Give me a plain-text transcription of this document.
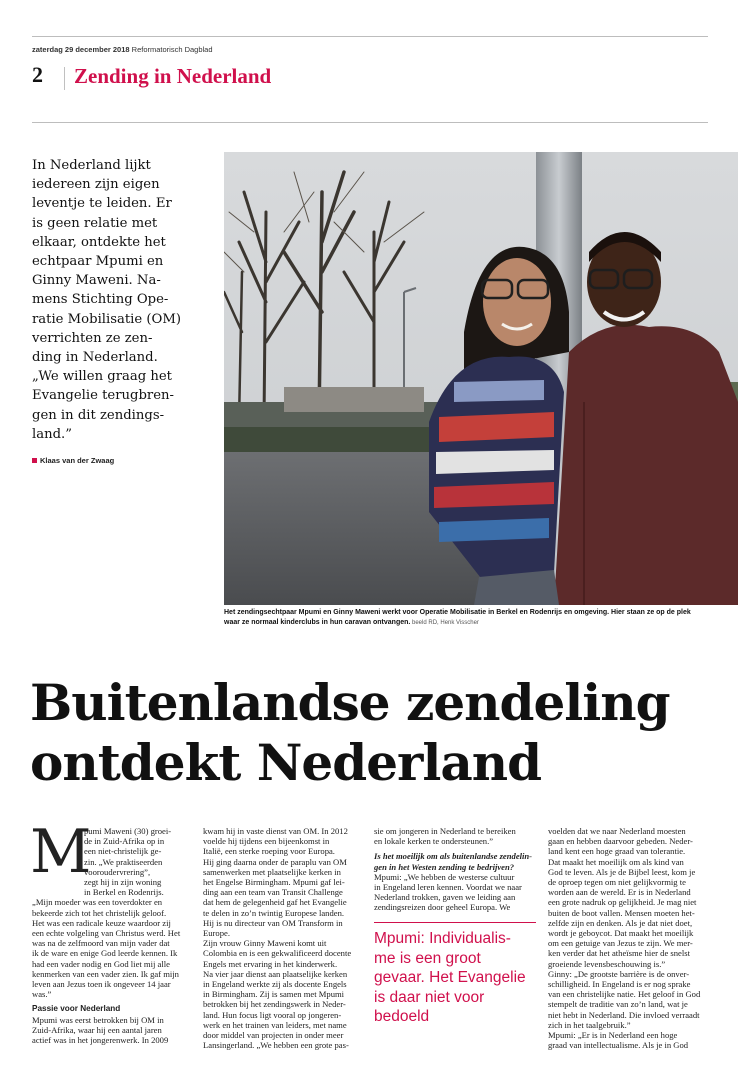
zaterdag 29 december 2018 Reformatorisch Dagblad
2 Zending in Nederland
In Nederland lijkt
iedereen zijn eigen
leventje te leiden. Er
is geen relatie met
elkaar, ontdekte het
echtpaar Mpumi en
Ginny Maweni. Na-
mens Stichting Ope-
ratie Mobilisatie (OM)
verrichten ze zen-
ding in Nederland.
„We willen graag het
Evangelie terugbren-
gen in dit zendings-
land.”
Klaas van der Zwaag
Het zendingsechtpaar Mpumi en Ginny Maweni werkt voor Operatie Mobilisatie in Berkel en Rodenrijs en omgeving. Hier staan ze op de plek
waar ze normaal kinderclubs in hun caravan ontvangen. beeld RD, Henk Visscher
Buitenlandse zendeling
ontdekt Nederland
M
pumi Maweni (30) groei-
de in Zuid-Afrika op in
een niet-christelijk ge-
zin. „We praktiseerden
vooroudervrering”,
zegt hij in zijn woning
in Berkel en Rodenrijs.
„Mijn moeder was een toverdokter en
bekeerde zich tot het christelijk geloof.
Het was een radicale keuze waardoor zij
een echte volgeling van Christus werd. Het
was na de zelfmoord van mijn vader dat
ik de ware en enige God leerde kennen. Ik
had een vader nodig en God liet mij alle
kenmerken van een vader zien. Ik gaf mijn
leven aan Jezus toen ik ongeveer 14 jaar
was.”

Passie voor Nederland
Mpumi was eerst betrokken bij OM in
Zuid-Afrika, waar hij een aantal jaren
actief was in het jongerenwerk. In 2009
kwam hij in vaste dienst van OM. In 2012
voelde hij tijdens een bijeenkomst in
Italië, een sterke roeping voor Europa.
Hij ging daarna onder de paraplu van OM
samenwerken met plaatselijke kerken in
het Engelse Birmingham. Mpumi gaf lei-
ding aan een team van Transit Challenge
dat hem de gelegenheid gaf het Evangelie
te delen in zo’n twintig Europese landen.
Hij is nu directeur van OM Transform in
Europe.
Zijn vrouw Ginny Maweni komt uit
Colombia en is een gekwalificeerd docente
Engels met ervaring in het kinderwerk.
Na vier jaar dienst aan plaatselijke kerken
in Engeland werkte zij als docente Engels
in Birmingham. Zij is samen met Mpumi
betrokken bij het zendingswerk in Neder-
land. Hun focus ligt vooral op jongeren-
werk en het trainen van leiders, met name
door middel van projecten in onder meer
Lansingerland. „We hebben een grote pas-
sie om jongeren in Nederland te bereiken
en lokale kerken te ondersteunen.”

Is het moeilijk om als buitenlandse zendelin-
gen in het Westen zending te bedrijven?
Mpumi: „We hebben de westerse cultuur
in Engeland leren kennen. Voordat we naar
Nederland trokken, gaven we leiding aan
zendingsreizen door geheel Europa. We
Mpumi: Individualis-
me is een groot
gevaar. Het Evangelie
is daar niet voor
bedoeld
voelden dat we naar Nederland moesten
gaan en hebben daarvoor gebeden. Neder-
land kent een hoge graad van tolerantie.
Dat maakt het moeilijk om als kind van
God te leven. Als je de Bijbel leest, kom je
de oproep tegen om niet gelijkvormig te
worden aan de wereld. Er is in Nederland
een grote nadruk op gelijkheid. Je mag niet
buiten de boot vallen. Mensen moeten het-
zelfde zijn en denken. Als je dat niet doet,
wordt je geboycot. Dat maakt het moeilijk
om een getuige van Jezus te zijn. We mer-
ken verder dat het atheïsme hier de snelst
groeiende levensbeschouwing is.”
Ginny: „De grootste barrière is de onver-
schilligheid. In Engeland is er nog sprake
van een christelijke natie. Het geloof in God
stempelt de traditie van zo’n land, wat je
niet hebt in Nederland. Die invloed verraadt
zich in het taalgebruik.”
Mpumi: „Er is in Nederland een hoge
graad van intellectualisme. Als je in God
